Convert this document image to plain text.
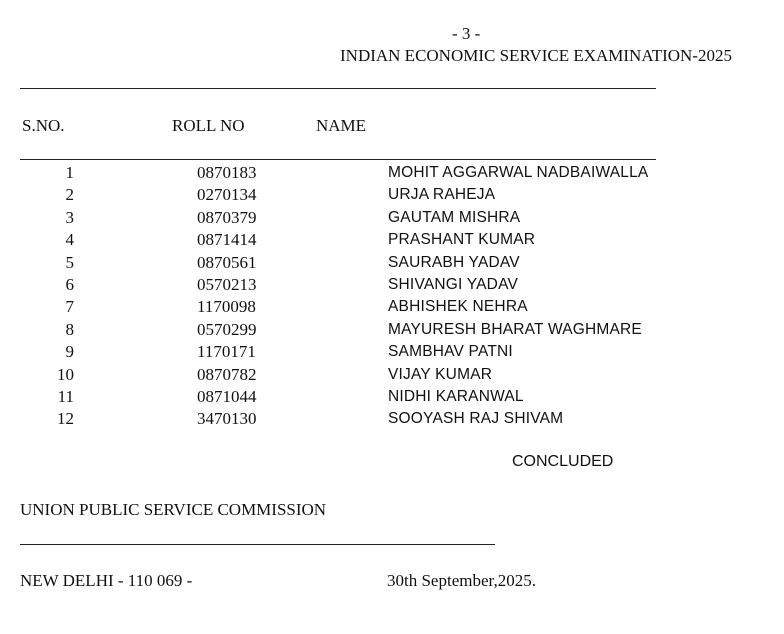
- 3 -
INDIAN ECONOMIC SERVICE EXAMINATION-2025
S.NO.	ROLL NO	NAME
1	0870183	MOHIT AGGARWAL NADBAIWALLA
2	0270134	URJA RAHEJA
3	0870379	GAUTAM MISHRA
4	0871414	PRASHANT KUMAR
5	0870561	SAURABH YADAV
6	0570213	SHIVANGI YADAV
7	1170098	ABHISHEK NEHRA
8	0570299	MAYURESH BHARAT WAGHMARE
9	1170171	SAMBHAV PATNI
10	0870782	VIJAY KUMAR
11	0871044	NIDHI KARANWAL
12	3470130	SOOYASH RAJ SHIVAM
CONCLUDED
UNION PUBLIC SERVICE COMMISSION
NEW DELHI - 110 069 -	30th September,2025.
